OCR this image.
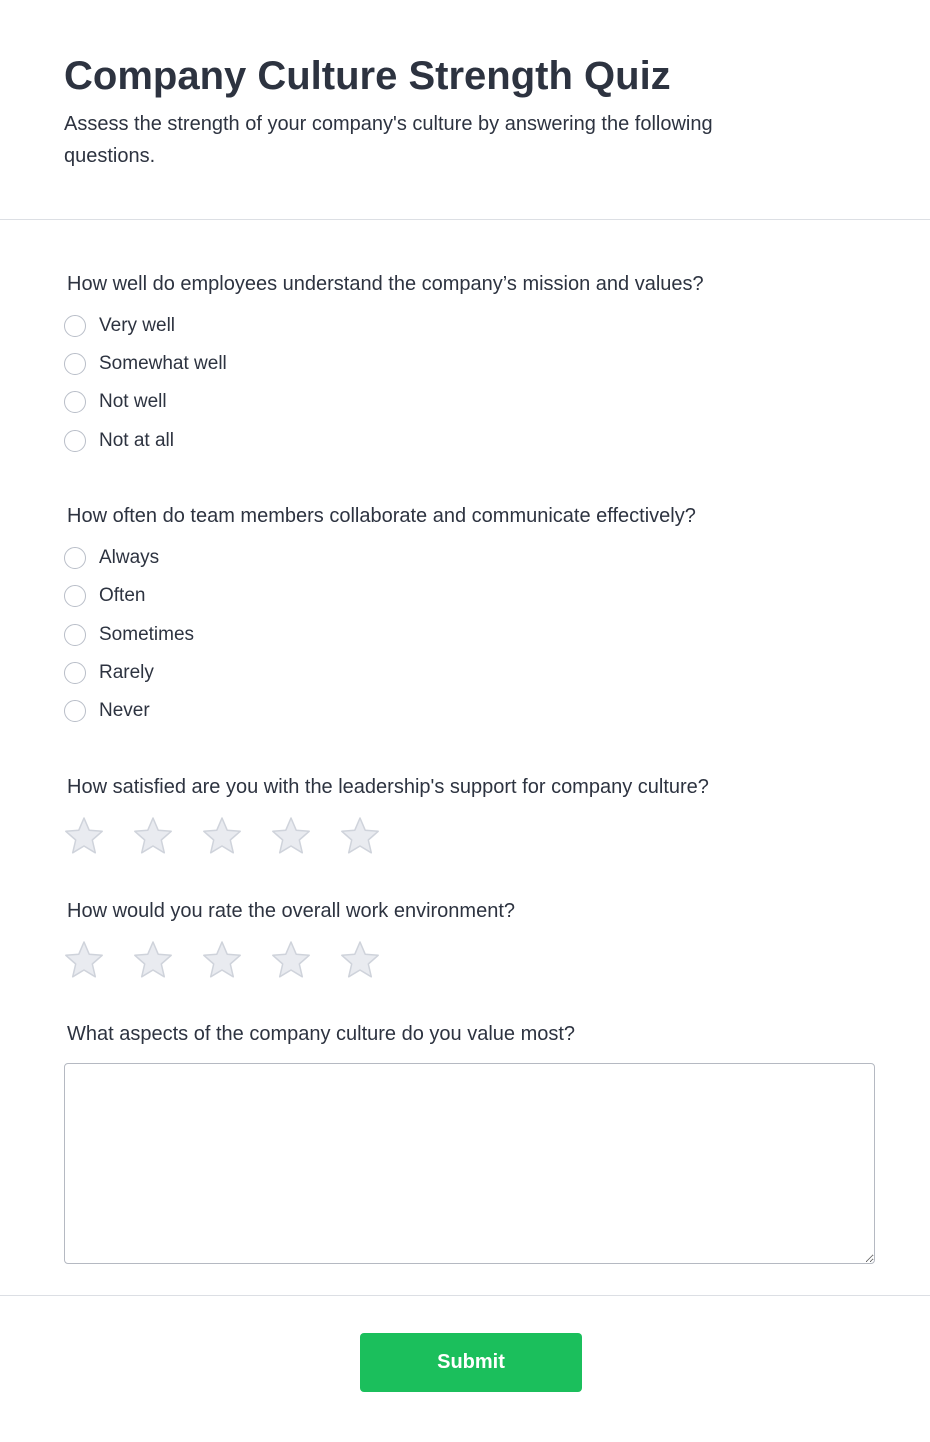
Company Culture Strength Quiz

Assess the strength of your company's culture by answering the following questions.

How well do employees understand the company’s mission and values?

Very well
Somewhat well
Not well
Not at all

How often do team members collaborate and communicate effectively?

Always
Often
Sometimes
Rarely
Never

How satisfied are you with the leadership's support for company culture?

How would you rate the overall work environment?

What aspects of the company culture do you value most?

Submit
